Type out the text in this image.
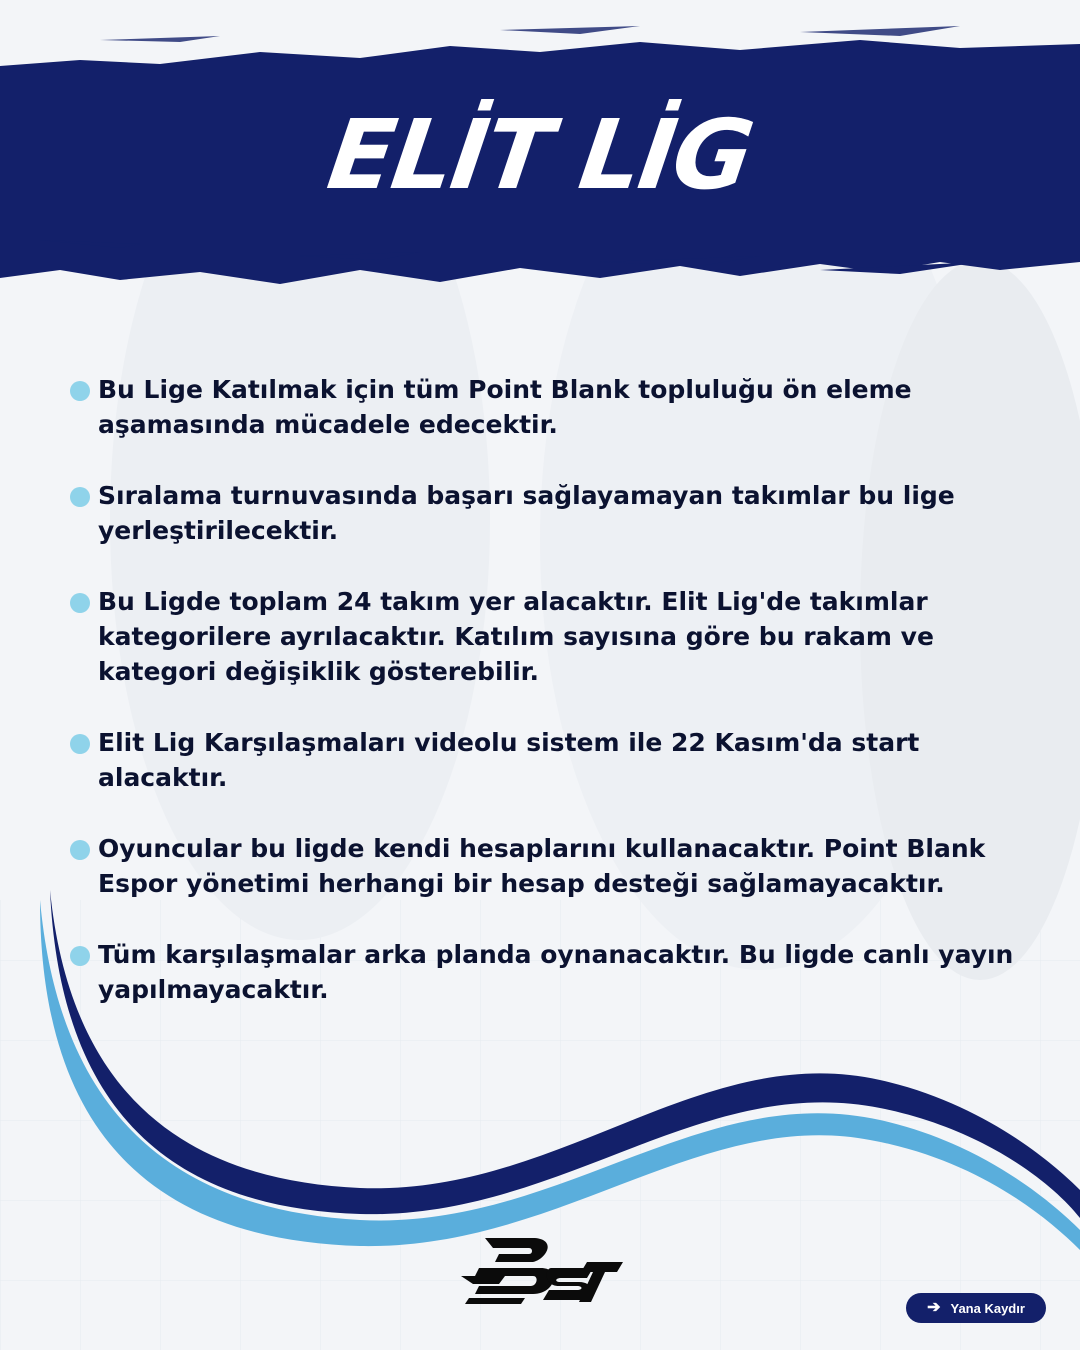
ELİT LİG
Bu Lige Katılmak için tüm Point Blank topluluğu ön eleme aşamasında mücadele edecektir.
Sıralama turnuvasında başarı sağlayamayan takımlar bu lige yerleştirilecektir.
Bu Ligde toplam 24 takım yer alacaktır. Elit Lig'de takımlar kategorilere ayrılacaktır. Katılım sayısına göre bu rakam ve kategori değişiklik gösterebilir.
Elit Lig Karşılaşmaları videolu sistem ile 22 Kasım'da start alacaktır.
Oyuncular bu ligde kendi hesaplarını kullanacaktır. Point Blank Espor yönetimi herhangi bir hesap desteği sağlamayacaktır.
Tüm karşılaşmalar arka planda oynanacaktır. Bu ligde canlı yayın yapılmayacaktır.
➔ Yana Kaydır
